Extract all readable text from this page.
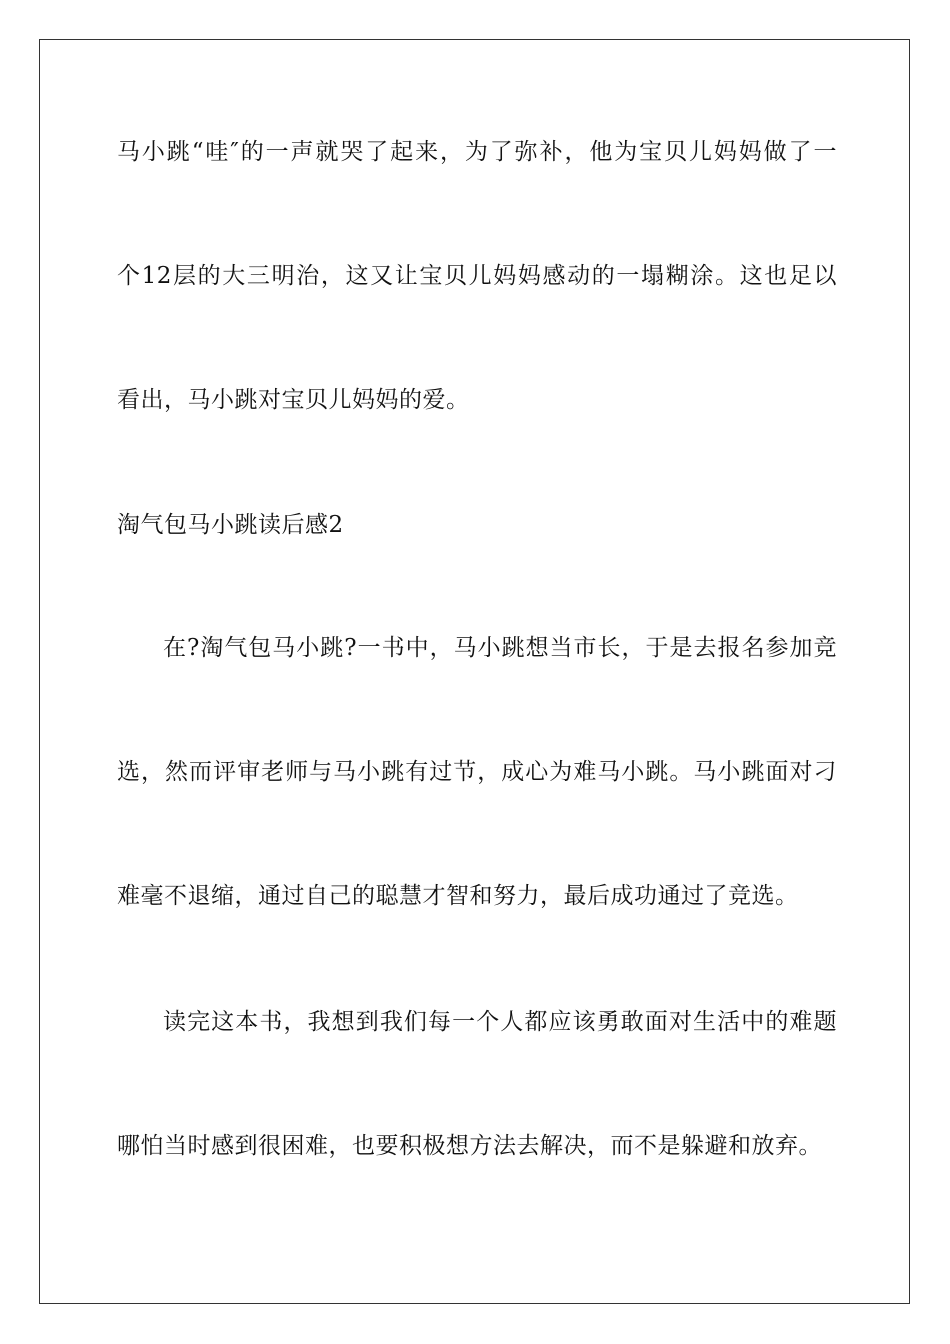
马小跳“哇″的一声就哭了起来，为了弥补，他为宝贝儿妈妈做了一
个12层的大三明治，这又让宝贝儿妈妈感动的一塌糊涂。这也足以
看出，马小跳对宝贝儿妈妈的爱。
淘气包马小跳读后感2
在?淘气包马小跳?一书中，马小跳想当市长，于是去报名参加竞
选，然而评审老师与马小跳有过节，成心为难马小跳。马小跳面对刁
难毫不退缩，通过自己的聪慧才智和努力，最后成功通过了竞选。
读完这本书，我想到我们每一个人都应该勇敢面对生活中的难题
哪怕当时感到很困难，也要积极想方法去解决，而不是躲避和放弃。
